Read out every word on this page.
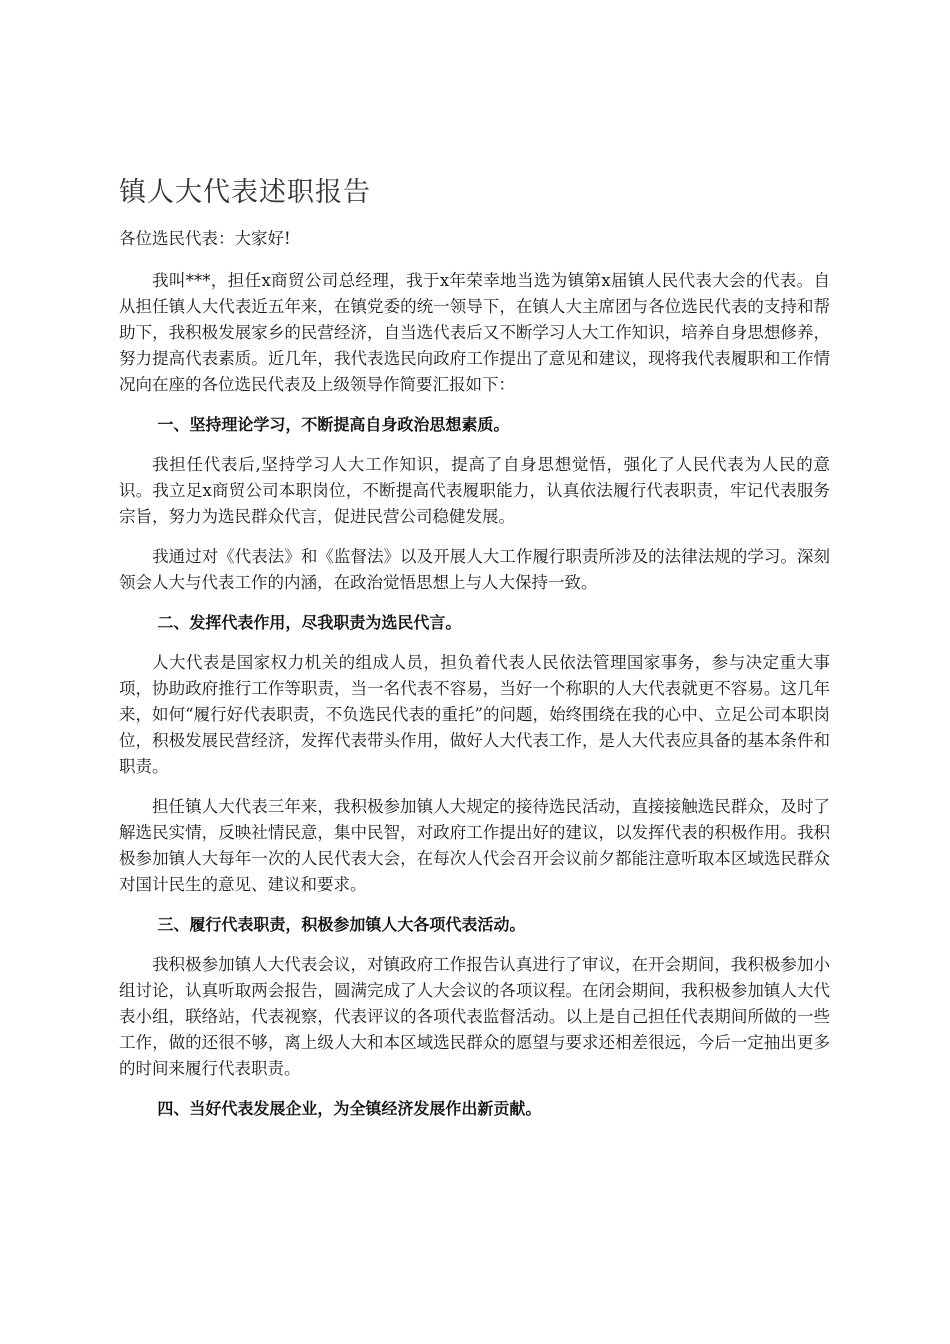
镇人大代表述职报告

各位选民代表：大家好!

我叫***，担任x商贸公司总经理，我于x年荣幸地当选为镇第x届镇人民代表大会的代表。自从担任镇人大代表近五年来，在镇党委的统一领导下，在镇人大主席团与各位选民代表的支持和帮助下，我积极发展家乡的民营经济，自当选代表后又不断学习人大工作知识，培养自身思想修养，努力提高代表素质。近几年，我代表选民向政府工作提出了意见和建议，现将我代表履职和工作情况向在座的各位选民代表及上级领导作简要汇报如下：

一、坚持理论学习，不断提高自身政治思想素质。

我担任代表后,坚持学习人大工作知识，提高了自身思想觉悟，强化了人民代表为人民的意识。我立足x商贸公司本职岗位，不断提高代表履职能力，认真依法履行代表职责，牢记代表服务宗旨，努力为选民群众代言，促进民营公司稳健发展。

我通过对《代表法》和《监督法》以及开展人大工作履行职责所涉及的法律法规的学习。深刻领会人大与代表工作的内涵，在政治觉悟思想上与人大保持一致。

二、发挥代表作用，尽我职责为选民代言。

人大代表是国家权力机关的组成人员，担负着代表人民依法管理国家事务，参与决定重大事项，协助政府推行工作等职责，当一名代表不容易，当好一个称职的人大代表就更不容易。这几年来，如何“履行好代表职责，不负选民代表的重托”的问题，始终围绕在我的心中、立足公司本职岗位，积极发展民营经济，发挥代表带头作用，做好人大代表工作，是人大代表应具备的基本条件和职责。

担任镇人大代表三年来，我积极参加镇人大规定的接待选民活动，直接接触选民群众，及时了解选民实情，反映社情民意，集中民智，对政府工作提出好的建议，以发挥代表的积极作用。我积极参加镇人大每年一次的人民代表大会，在每次人代会召开会议前夕都能注意听取本区域选民群众对国计民生的意见、建议和要求。

三、履行代表职责，积极参加镇人大各项代表活动。

我积极参加镇人大代表会议，对镇政府工作报告认真进行了审议，在开会期间，我积极参加小组讨论，认真听取两会报告，圆满完成了人大会议的各项议程。在闭会期间，我积极参加镇人大代表小组，联络站，代表视察，代表评议的各项代表监督活动。以上是自己担任代表期间所做的一些工作，做的还很不够，离上级人大和本区域选民群众的愿望与要求还相差很远，今后一定抽出更多的时间来履行代表职责。

四、当好代表发展企业，为全镇经济发展作出新贡献。
